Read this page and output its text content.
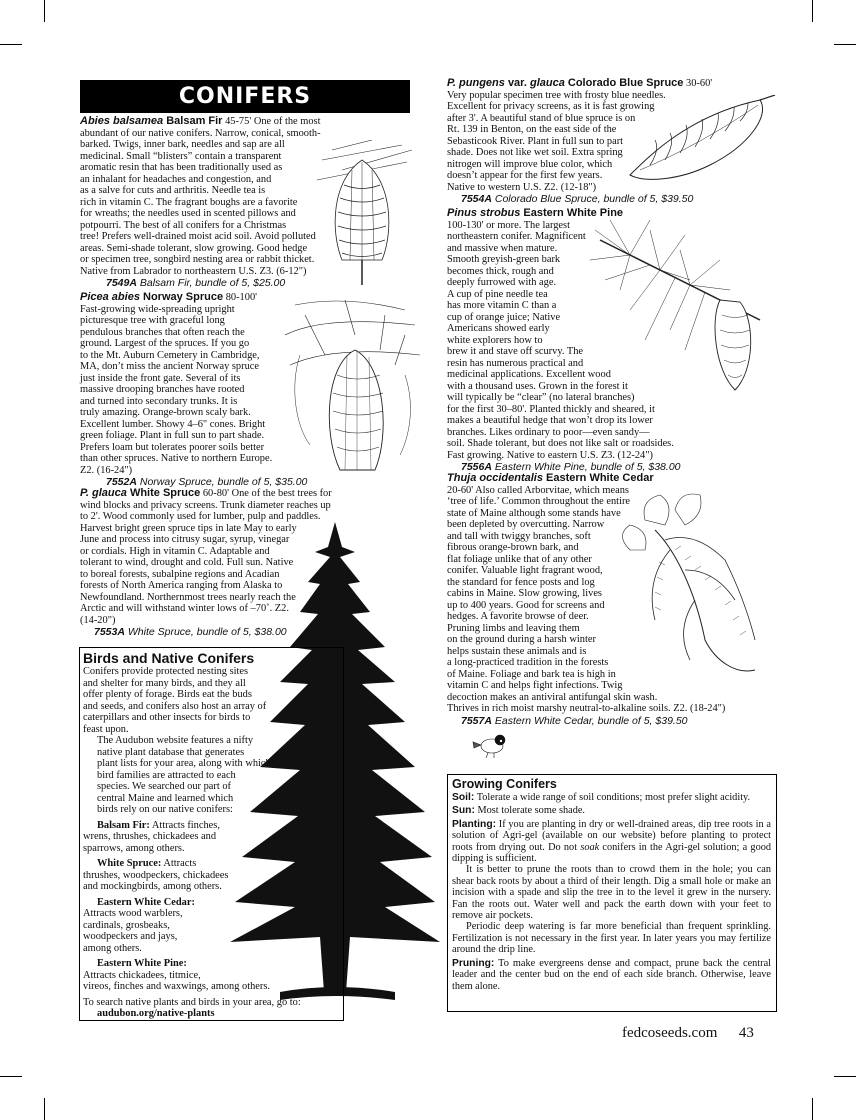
CONIFERS
Abies balsamea Balsam Fir 45-75' One of the most
abundant of our native conifers. Narrow, conical, smooth-
barked. Twigs, inner bark, needles and sap are all
medicinal. Small “blisters” contain a transparent
aromatic resin that has been traditionally used as
an inhalant for headaches and congestion, and
as a salve for cuts and arthritis. Needle tea is
rich in vitamin C. The fragrant boughs are a favorite
for wreaths; the needles used in scented pillows and
potpourri. The best of all conifers for a Christmas
tree! Prefers well-drained moist acid soil. Avoid polluted
areas. Semi-shade tolerant, slow growing. Good hedge
or specimen tree, songbird nesting area or rabbit thicket.
Native from Labrador to northeastern U.S. Z3. (6-12")
7549A Balsam Fir, bundle of 5, $25.00
Picea abies Norway Spruce 80-100'
Fast-growing wide-spreading upright
picturesque tree with graceful long
pendulous branches that often reach the
ground. Largest of the spruces. If you go
to the Mt. Auburn Cemetery in Cambridge,
MA, don’t miss the ancient Norway spruce
just inside the front gate. Several of its
massive drooping branches have rooted
and turned into secondary trunks. It is
truly amazing. Orange-brown scaly bark.
Excellent lumber. Showy 4–6" cones. Bright
green foliage. Plant in full sun to part shade.
Prefers loam but tolerates poorer soils better
than other spruces. Native to northern Europe.
Z2. (16-24")
7552A Norway Spruce, bundle of 5, $35.00
P. glauca White Spruce 60-80' One of the best trees for
wind blocks and privacy screens. Trunk diameter reaches up
to 2'. Wood commonly used for lumber, pulp and paddles.
Harvest bright green spruce tips in late May to early
June and process into citrusy sugar, syrup, vinegar
or cordials. High in vitamin C. Adaptable and
tolerant to wind, drought and cold. Full sun. Native
to boreal forests, subalpine regions and Acadian
forests of North America ranging from Alaska to
Newfoundland. Northernmost trees nearly reach the
Arctic and will withstand winter lows of –70˚. Z2.
(14-20")
7553A White Spruce, bundle of 5, $38.00
Birds and Native Conifers
Conifers provide protected nesting sites
and shelter for many birds, and they all
offer plenty of forage. Birds eat the buds
and seeds, and conifers also host an array of
caterpillars and other insects for birds to
feast upon.
The Audubon website features a nifty
native plant database that generates
plant lists for your area, along with which
bird families are attracted to each
species. We searched our part of
central Maine and learned which
birds rely on our native conifers:
Balsam Fir: Attracts finches,
wrens, thrushes, chickadees and
sparrows, among others.
White Spruce: Attracts
thrushes, woodpeckers, chickadees
and mockingbirds, among others.
Eastern White Cedar:
Attracts wood warblers,
cardinals, grosbeaks,
woodpeckers and jays,
among others.
Eastern White Pine:
Attracts chickadees, titmice,
vireos, finches and waxwings, among others.
To search native plants and birds in your area, go to:
audubon.org/native-plants
P. pungens var. glauca Colorado Blue Spruce 30-60'
Very popular specimen tree with frosty blue needles.
Excellent for privacy screens, as it is fast growing
after 3'. A beautiful stand of blue spruce is on
Rt. 139 in Benton, on the east side of the
Sebasticook River. Plant in full sun to part
shade. Does not like wet soil. Extra spring
nitrogen will improve blue color, which
doesn’t appear for the first few years.
Native to western U.S. Z2. (12-18")
7554A Colorado Blue Spruce, bundle of 5, $39.50
Pinus strobus Eastern White Pine
100-130' or more. The largest
northeastern conifer. Magnificent
and massive when mature.
Smooth greyish-green bark
becomes thick, rough and
deeply furrowed with age.
A cup of pine needle tea
has more vitamin C than a
cup of orange juice; Native
Americans showed early
white explorers how to
brew it and stave off scurvy. The
resin has numerous practical and
medicinal applications. Excellent wood
with a thousand uses. Grown in the forest it
will typically be “clear” (no lateral branches)
for the first 30–80'. Planted thickly and sheared, it
makes a beautiful hedge that won’t drop its lower
branches. Likes ordinary to poor—even sandy—
soil. Shade tolerant, but does not like salt or roadsides.
Fast growing. Native to eastern U.S. Z3. (12-24")
7556A Eastern White Pine, bundle of 5, $38.00
Thuja occidentalis Eastern White Cedar
20-60' Also called Arborvitae, which means
‘tree of life.’ Common throughout the entire
state of Maine although some stands have
been depleted by overcutting. Narrow
and tall with twiggy branches, soft
fibrous orange-brown bark, and
flat foliage unlike that of any other
conifer. Valuable light fragrant wood,
the standard for fence posts and log
cabins in Maine. Slow growing, lives
up to 400 years. Good for screens and
hedges. A favorite browse of deer.
Pruning limbs and leaving them
on the ground during a harsh winter
helps sustain these animals and is
a long-practiced tradition in the forests
of Maine. Foliage and bark tea is high in
vitamin C and helps fight infections. Twig
decoction makes an antiviral antifungal skin wash.
Thrives in rich moist marshy neutral-to-alkaline soils. Z2. (18-24")
7557A Eastern White Cedar, bundle of 5, $39.50
Growing Conifers

Soil: Tolerate a wide range of soil conditions; most prefer slight acidity.

Sun: Most tolerate some shade.

Planting: If you are planting in dry or well-drained areas, dip tree roots in a solution of Agri-gel (available on our website) before planting to protect roots from drying out. Do not soak conifers in the Agri-gel solution; a good dipping is sufficient.

It is better to prune the roots than to crowd them in the hole; you can shear back roots by about a third of their length. Dig a small hole or make an incision with a spade and slip the tree in to the level it grew in the nursery. Fan the roots out. Water well and pack the earth down with your feet to remove air pockets.

Periodic deep watering is far more beneficial than frequent sprinkling. Fertilization is not necessary in the first year. In later years you may fertilize around the drip line.

Pruning: To make evergreens dense and compact, prune back the central leader and the center bud on the end of each side branch. Otherwise, leave them alone.

fedcoseeds.com 43
